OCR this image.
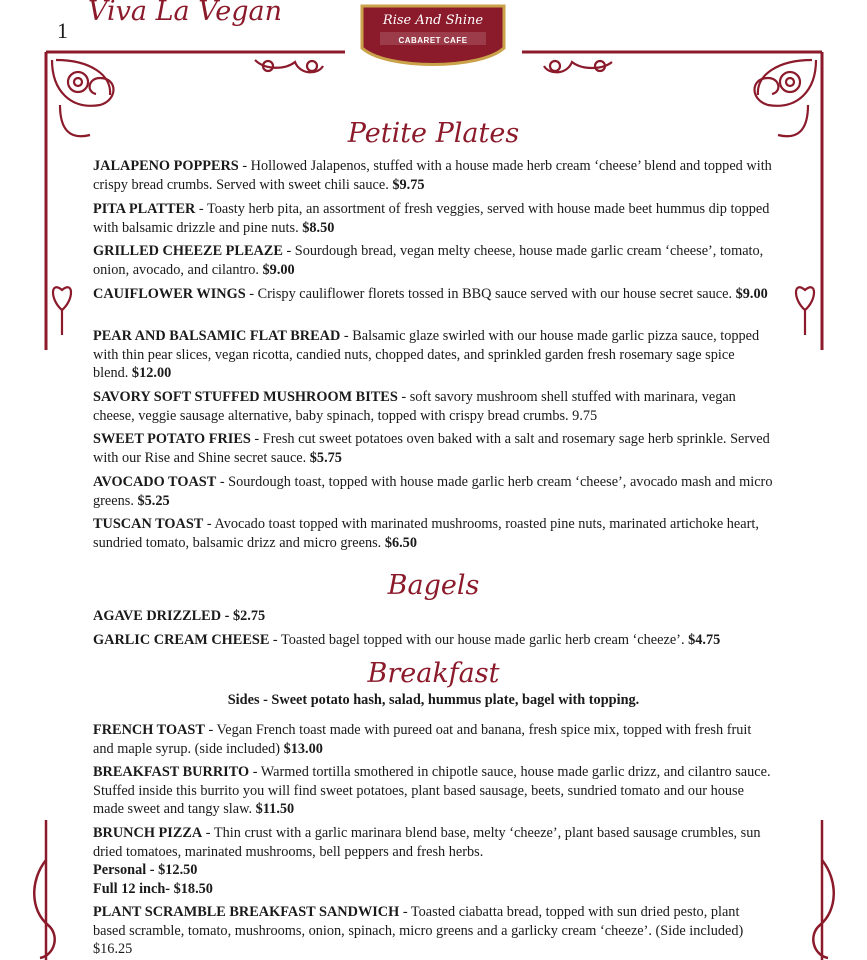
1
Viva La Vegan	Rise And Shine
CABARET CAFE
Petite Plates
JALAPENO POPPERS - Hollowed Jalapenos, stuffed with a house made herb cream ‘cheese’ blend and topped with crispy bread crumbs. Served with sweet chili sauce. $9.75
PITA PLATTER - Toasty herb pita, an assortment of fresh veggies, served with house made beet hummus dip topped with balsamic drizzle and pine nuts. $8.50
GRILLED CHEEZE PLEAZE - Sourdough bread, vegan melty cheese, house made garlic cream ‘cheese’, tomato, onion, avocado, and cilantro. $9.00
CAUIFLOWER WINGS - Crispy cauliflower florets tossed in BBQ sauce served with our house secret sauce. $9.00
PEAR AND BALSAMIC FLAT BREAD - Balsamic glaze swirled with our house made garlic pizza sauce, topped with thin pear slices, vegan ricotta, candied nuts, chopped dates, and sprinkled garden fresh rosemary sage spice blend. $12.00
SAVORY SOFT STUFFED MUSHROOM BITES - soft savory mushroom shell stuffed with marinara, vegan cheese, veggie sausage alternative, baby spinach, topped with crispy bread crumbs. 9.75
SWEET POTATO FRIES - Fresh cut sweet potatoes oven baked with a salt and rosemary sage herb sprinkle. Served with our Rise and Shine secret sauce. $5.75
AVOCADO TOAST - Sourdough toast, topped with house made garlic herb cream ‘cheese’, avocado mash and micro greens. $5.25
TUSCAN TOAST - Avocado toast topped with marinated mushrooms, roasted pine nuts, marinated artichoke heart, sundried tomato, balsamic drizz and micro greens. $6.50
Bagels
AGAVE DRIZZLED - $2.75
GARLIC CREAM CHEESE - Toasted bagel topped with our house made garlic herb cream ‘cheeze’. $4.75
Breakfast
Sides - Sweet potato hash, salad, hummus plate, bagel with topping.
FRENCH TOAST - Vegan French toast made with pureed oat and banana, fresh spice mix, topped with fresh fruit and maple syrup. (side included) $13.00
BREAKFAST BURRITO - Warmed tortilla smothered in chipotle sauce, house made garlic drizz, and cilantro sauce. Stuffed inside this burrito you will find sweet potatoes, plant based sausage, beets, sundried tomato and our house made sweet and tangy slaw. $11.50
BRUNCH PIZZA - Thin crust with a garlic marinara blend base, melty ‘cheeze’, plant based sausage crumbles, sun dried tomatoes, marinated mushrooms, bell peppers and fresh herbs.
Personal - $12.50
Full 12 inch- $18.50
PLANT SCRAMBLE BREAKFAST SANDWICH - Toasted ciabatta bread, topped with sun dried pesto, plant based scramble, tomato, mushrooms, onion, spinach, micro greens and a garlicky cream ‘cheeze’. (Side included) $16.25
